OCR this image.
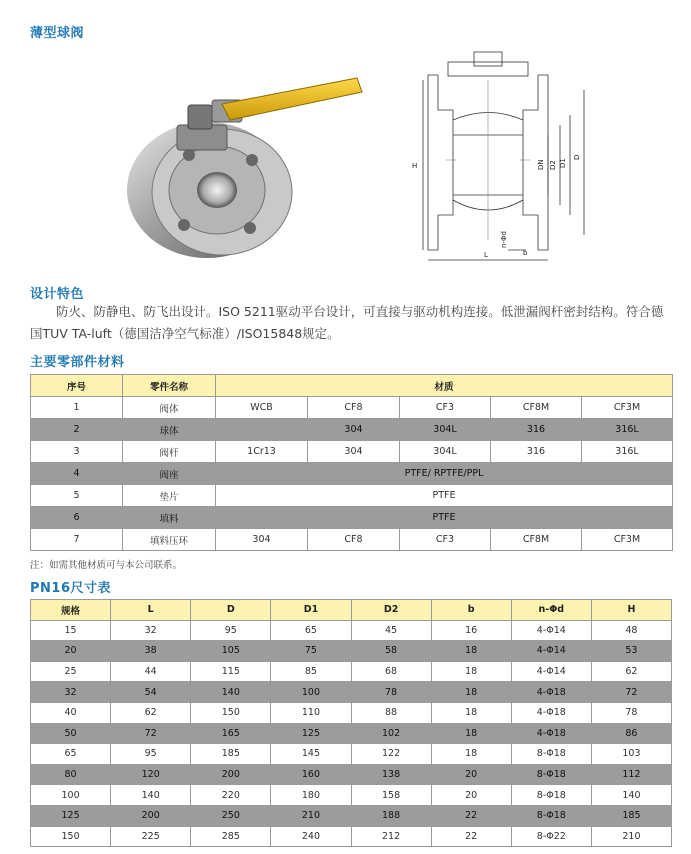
薄型球阀
H	DN D2 D1
D
n-Φd
b
L
设计特色
防火、防静电、防飞出设计。ISO 5211驱动平台设计，可直接与驱动机构连接。低泄漏阀杆密封结构。符合德国TUV TA-luft（德国洁净空气标准）/ISO15848规定。
主要零部件材料
序号	零件名称	材质				
1	阀体	WCB	CF8	CF3	CF8M	CF3M
2	球体		304	304L	316	316L
3	阀杆	1Cr13	304	304L	316	316L
4	阀座	PTFE/ RPTFE/PPL				
5	垫片	PTFE				
6	填料	PTFE				
7	填料压环	304	CF8	CF3	CF8M	CF3M
注：如需其他材质可与本公司联系。
PN16尺寸表
规格	L	D	D1	D2	b	n-Φd	H
15	32	95	65	45	16	4-Φ14	48
20	38	105	75	58	18	4-Φ14	53
25	44	115	85	68	18	4-Φ14	62
32	54	140	100	78	18	4-Φ18	72
40	62	150	110	88	18	4-Φ18	78
50	72	165	125	102	18	4-Φ18	86
65	95	185	145	122	18	8-Φ18	103
80	120	200	160	138	20	8-Φ18	112
100	140	220	180	158	20	8-Φ18	140
125	200	250	210	188	22	8-Φ18	185
150	225	285	240	212	22	8-Φ22	210
